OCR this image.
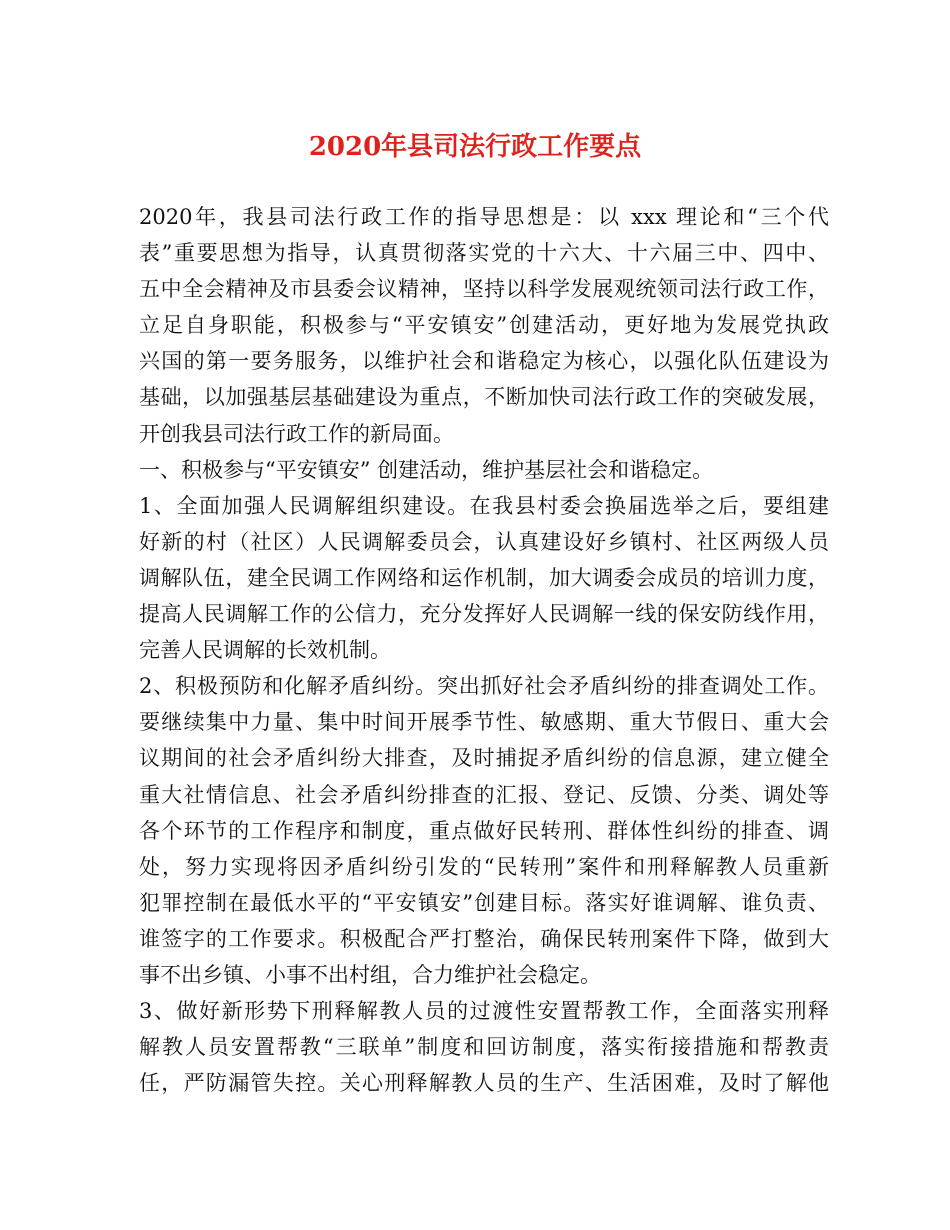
2020年县司法行政工作要点

2020年，我县司法行政工作的指导思想是：以 xxx 理论和“三个代
表”重要思想为指导，认真贯彻落实党的十六大、十六届三中、四中、
五中全会精神及市县委会议精神，坚持以科学发展观统领司法行政工作，
立足自身职能，积极参与“平安镇安”创建活动，更好地为发展党执政
兴国的第一要务服务，以维护社会和谐稳定为核心，以强化队伍建设为
基础，以加强基层基础建设为重点，不断加快司法行政工作的突破发展，
开创我县司法行政工作的新局面。

一、积极参与“平安镇安” 创建活动，维护基层社会和谐稳定。

1、全面加强人民调解组织建设。在我县村委会换届选举之后，要组建
好新的村（社区）人民调解委员会，认真建设好乡镇村、社区两级人员
调解队伍，建全民调工作网络和运作机制，加大调委会成员的培训力度，
提高人民调解工作的公信力，充分发挥好人民调解一线的保安防线作用，
完善人民调解的长效机制。

2、积极预防和化解矛盾纠纷。突出抓好社会矛盾纠纷的排查调处工作。
要继续集中力量、集中时间开展季节性、敏感期、重大节假日、重大会
议期间的社会矛盾纠纷大排查，及时捕捉矛盾纠纷的信息源，建立健全
重大社情信息、社会矛盾纠纷排查的汇报、登记、反馈、分类、调处等
各个环节的工作程序和制度，重点做好民转刑、群体性纠纷的排查、调
处，努力实现将因矛盾纠纷引发的“民转刑”案件和刑释解教人员重新
犯罪控制在最低水平的“平安镇安”创建目标。落实好谁调解、谁负责、
谁签字的工作要求。积极配合严打整治，确保民转刑案件下降，做到大
事不出乡镇、小事不出村组，合力维护社会稳定。

3、做好新形势下刑释解教人员的过渡性安置帮教工作，全面落实刑释
解教人员安置帮教“三联单”制度和回访制度，落实衔接措施和帮教责
任，严防漏管失控。关心刑释解教人员的生产、生活困难，及时了解他
